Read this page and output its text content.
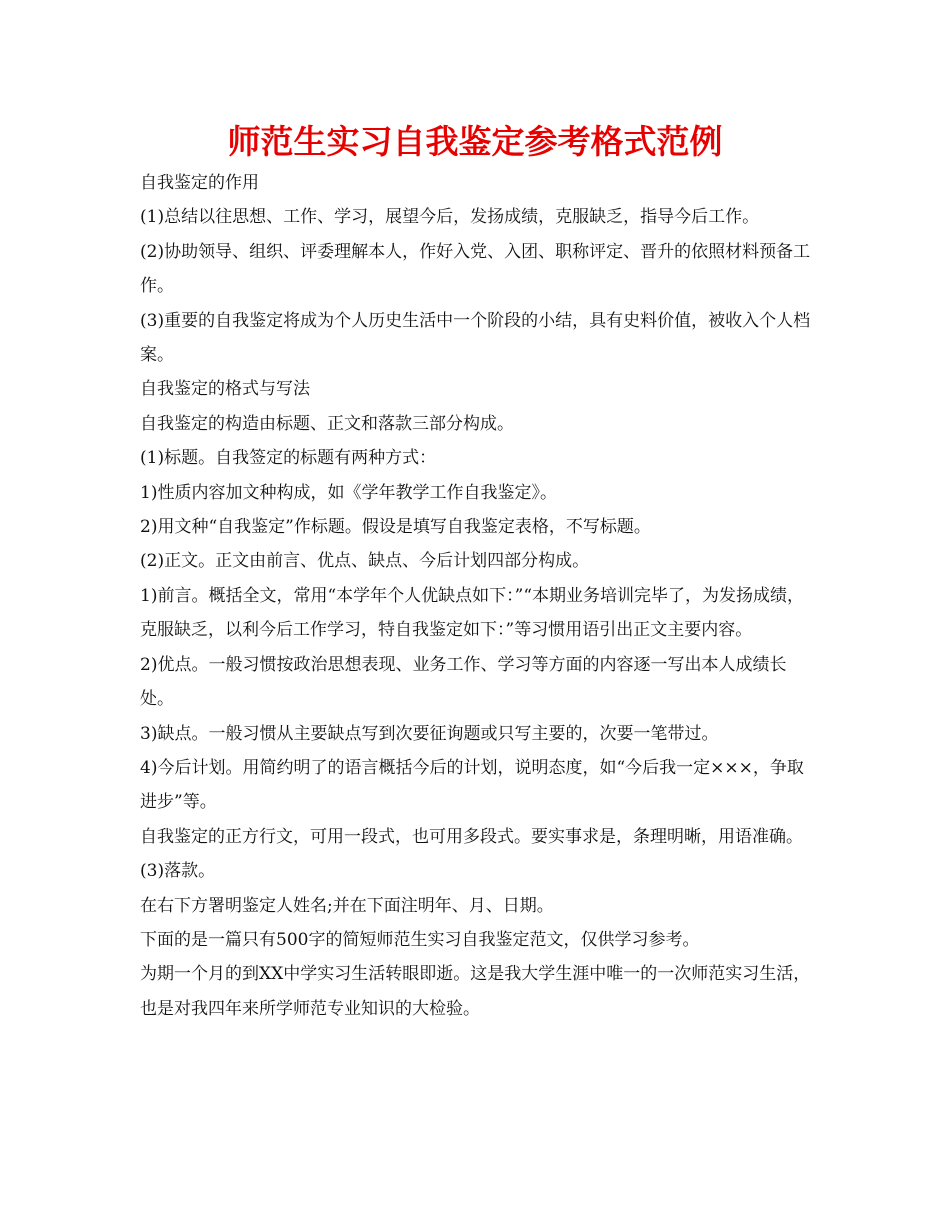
师范生实习自我鉴定参考格式范例

自我鉴定的作用

(1)总结以往思想、工作、学习，展望今后，发扬成绩，克服缺乏，指导今后工作。

(2)协助领导、组织、评委理解本人，作好入党、入团、职称评定、晋升的依照材料预备工作。

(3)重要的自我鉴定将成为个人历史生活中一个阶段的小结，具有史料价值，被收入个人档案。

自我鉴定的格式与写法

自我鉴定的构造由标题、正文和落款三部分构成。

(1)标题。自我签定的标题有两种方式：

1)性质内容加文种构成，如《学年教学工作自我鉴定》。

2)用文种“自我鉴定”作标题。假设是填写自我鉴定表格，不写标题。

(2)正文。正文由前言、优点、缺点、今后计划四部分构成。

1)前言。概括全文，常用“本学年个人优缺点如下：”“本期业务培训完毕了，为发扬成绩，克服缺乏，以利今后工作学习，特自我鉴定如下：”等习惯用语引出正文主要内容。

2)优点。一般习惯按政治思想表现、业务工作、学习等方面的内容逐一写出本人成绩长处。

3)缺点。一般习惯从主要缺点写到次要征询题或只写主要的，次要一笔带过。

4)今后计划。用简约明了的语言概括今后的计划，说明态度，如“今后我一定×××，争取进步”等。

自我鉴定的正方行文，可用一段式，也可用多段式。要实事求是，条理明晰，用语准确。

(3)落款。

在右下方署明鉴定人姓名;并在下面注明年、月、日期。

下面的是一篇只有500字的简短师范生实习自我鉴定范文，仅供学习参考。

为期一个月的到XX中学实习生活转眼即逝。这是我大学生涯中唯一的一次师范实习生活，也是对我四年来所学师范专业知识的大检验。
